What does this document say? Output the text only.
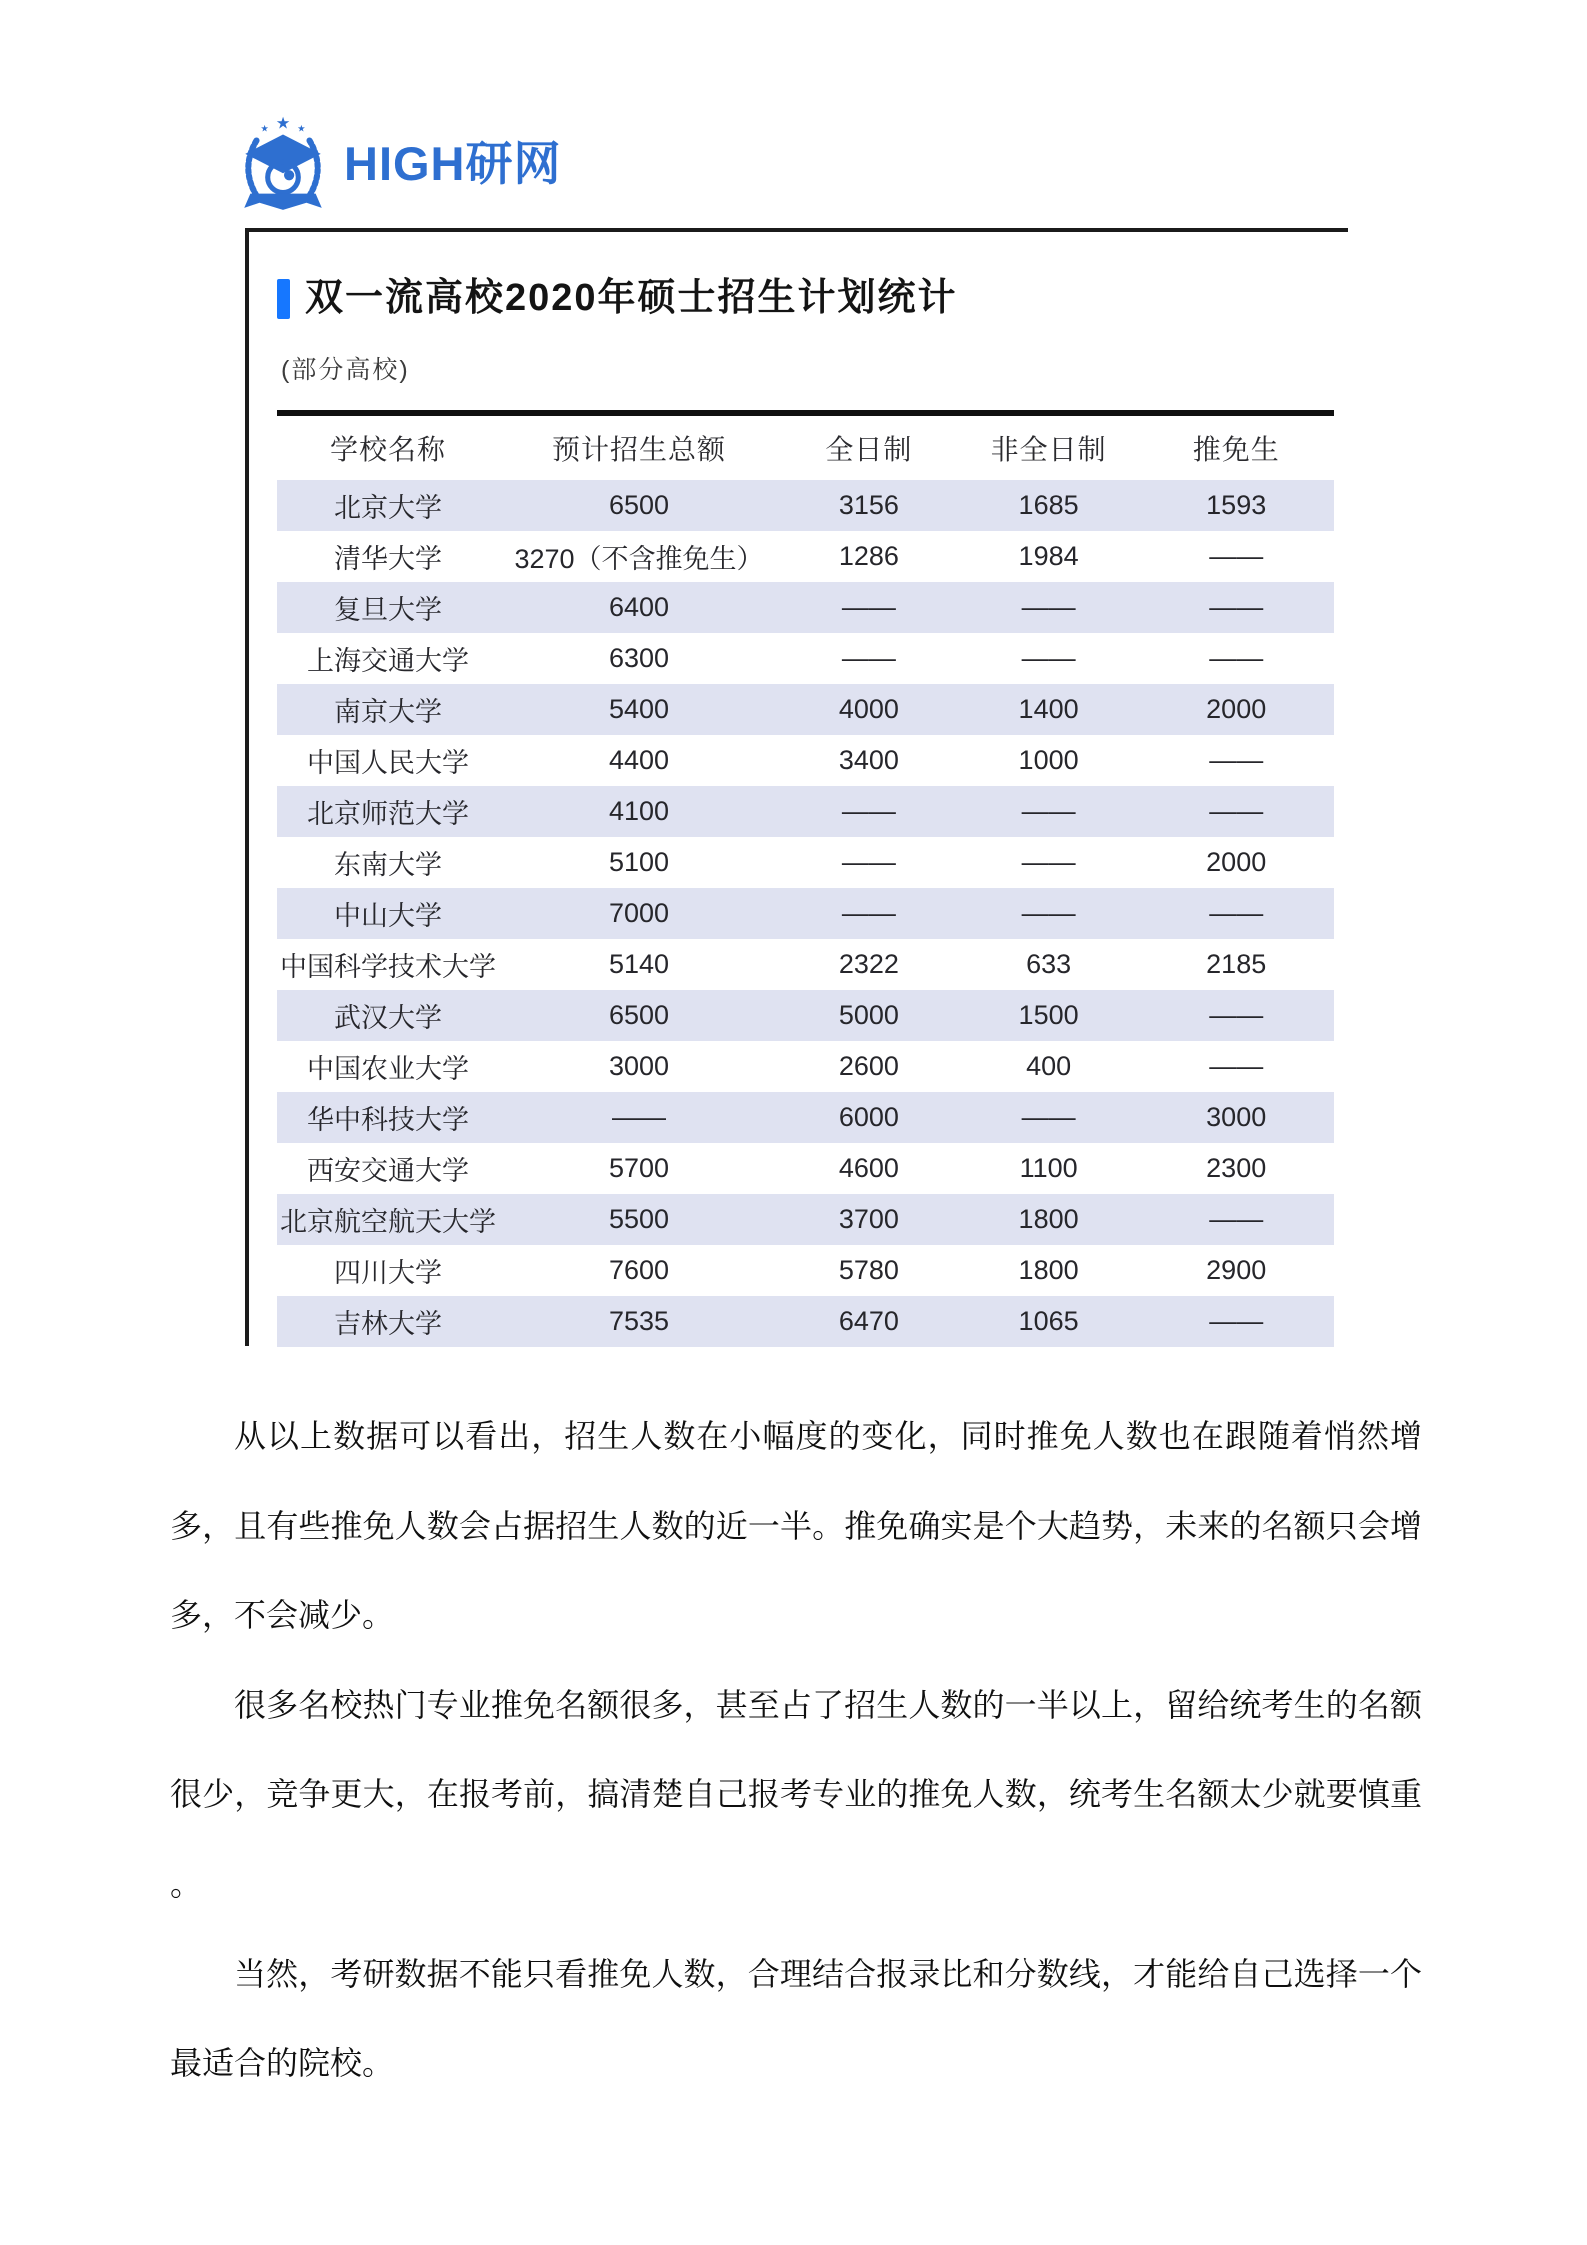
★
★	★
HIGH研网
双一流高校2020年硕士招生计划统计
(部分高校)
学校名称	预计招生总额	全日制	非全日制	推免生
北京大学	6500	3156	1685	1593
清华大学	3270（不含推免生）	1286	1984	——
复旦大学	6400	——	——	——
上海交通大学	6300	——	——	——
南京大学	5400	4000	1400	2000
中国人民大学	4400	3400	1000	——
北京师范大学	4100	——	——	——
东南大学	5100	——	——	2000
中山大学	7000	——	——	——
中国科学技术大学	5140	2322	633	2185
武汉大学	6500	5000	1500	——
中国农业大学	3000	2600	400	——
华中科技大学	——	6000	——	3000
西安交通大学	5700	4600	1100	2300
北京航空航天大学	5500	3700	1800	——
四川大学	7600	5780	1800	2900
吉林大学	7535	6470	1065	——

从以上数据可以看出，招生人数在小幅度的变化，同时推免人数也在跟随着悄然增多，且有些推免人数会占据招生人数的近一半。推免确实是个大趋势，未来的名额只会增多，不会减少。

很多名校热门专业推免名额很多，甚至占了招生人数的一半以上，留给统考生的名额很少，竞争更大，在报考前，搞清楚自己报考专业的推免人数，统考生名额太少就要慎重 。

当然，考研数据不能只看推免人数，合理结合报录比和分数线，才能给自己选择一个最适合的院校。
